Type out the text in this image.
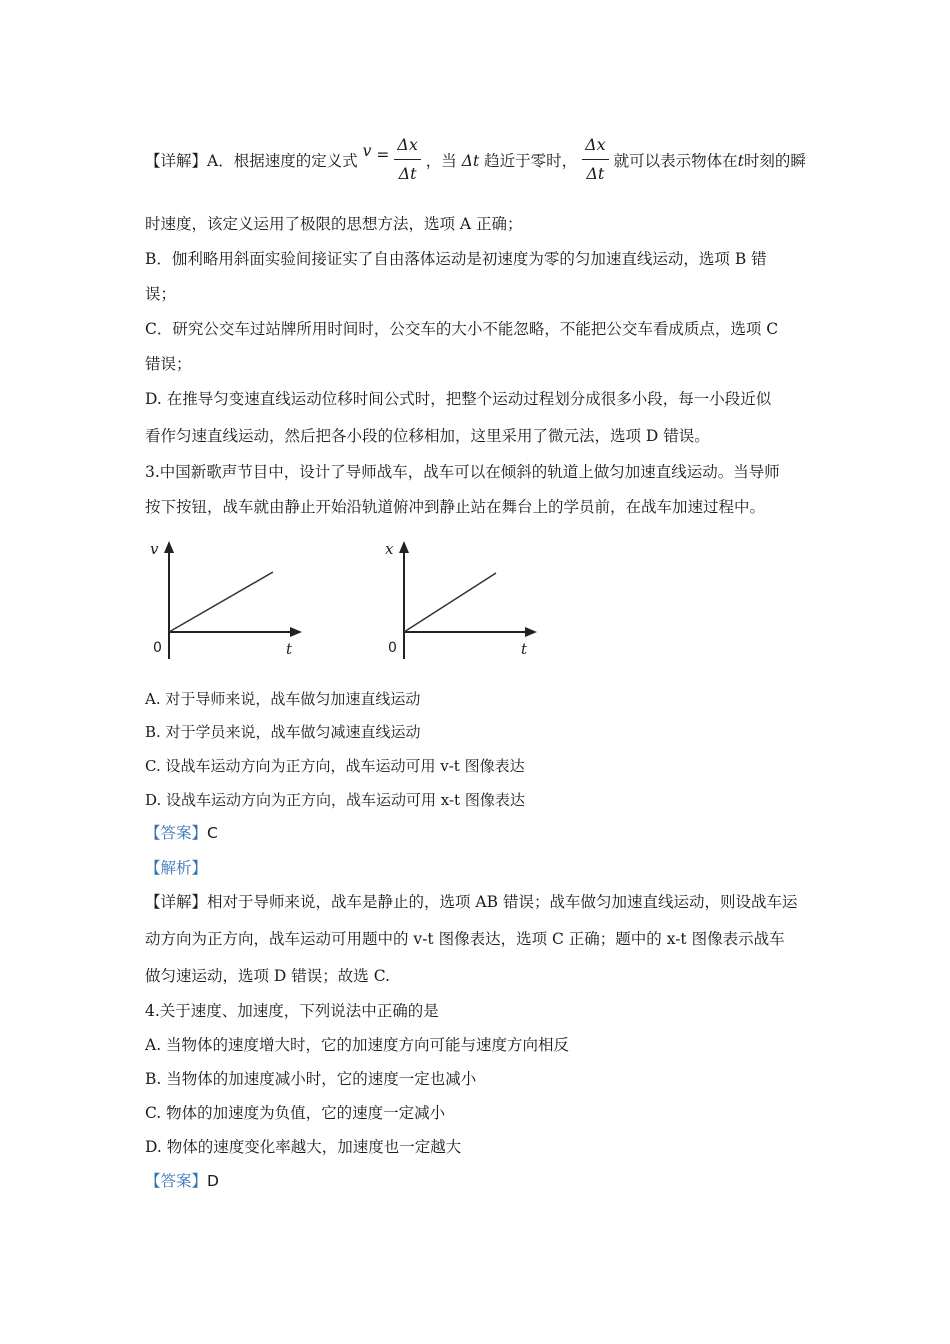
【详解】A．根据速度的定义式 $v = \frac{\Delta x}{\Delta t}$ ，当 Δt 趋近于零时， $\frac{\Delta x}{\Delta t}$ 就可以表示物体在t时刻的瞬
时速度，该定义运用了极限的思想方法，选项 A 正确；
B．伽利略用斜面实验间接证实了自由落体运动是初速度为零的匀加速直线运动，选项 B 错
误；
C．研究公交车过站牌所用时间时，公交车的大小不能忽略，不能把公交车看成质点，选项 C
错误；
D. 在推导匀变速直线运动位移时间公式时，把整个运动过程划分成很多小段，每一小段近似
看作匀速直线运动，然后把各小段的位移相加，这里采用了微元法，选项 D 错误。
3.中国新歌声节目中，设计了导师战车，战车可以在倾斜的轨道上做匀加速直线运动。当导师
按下按钮，战车就由静止开始沿轨道俯冲到静止站在舞台上的学员前，在战车加速过程中。
v
t
0
x
t
0
A. 对于导师来说，战车做匀加速直线运动
B. 对于学员来说，战车做匀减速直线运动
C. 设战车运动方向为正方向，战车运动可用 v-t 图像表达
D. 设战车运动方向为正方向，战车运动可用 x-t 图像表达
【答案】C
【解析】
【详解】相对于导师来说，战车是静止的，选项 AB 错误；战车做匀加速直线运动，则设战车运
动方向为正方向，战车运动可用题中的 v-t 图像表达，选项 C 正确；题中的 x-t 图像表示战车
做匀速运动，选项 D 错误；故选 C.
4.关于速度、加速度，下列说法中正确的是
A. 当物体的速度增大时，它的加速度方向可能与速度方向相反
B. 当物体的加速度减小时，它的速度一定也减小
C. 物体的加速度为负值，它的速度一定减小
D. 物体的速度变化率越大，加速度也一定越大
【答案】D
